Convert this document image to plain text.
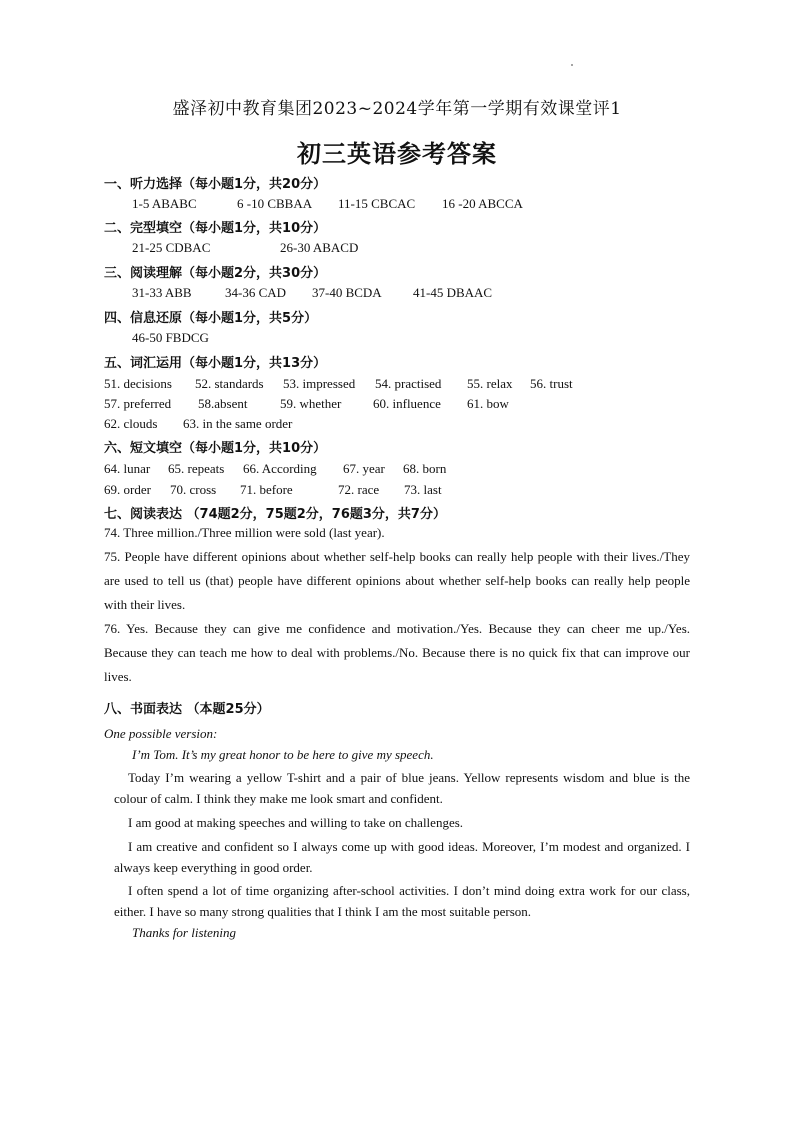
盛泽初中教育集团2023~2024学年第一学期有效课堂评1
初三英语参考答案
一、听力选择（每小题1分，共20分）
1-5 ABABC	6 -10 CBBAA 11-15 CBCAC 16 -20 ABCCA
二、完型填空（每小题1分，共10分）
21-25 CDBAC	26-30 ABACD
三、阅读理解（每小题2分，共30分）
31-33 ABB	34-36 CAD 37-40 BCDA 41-45 DBAAC
四、信息还原（每小题1分，共5分）
46-50 FBDCG
五、词汇运用（每小题1分，共13分）
51. decisions 52. standards 53. impressed 54. practised 55. relax 56. trust
57. preferred 58.absent	59. whether 60. influence 61. bow
62. clouds 63. in the same order
六、短文填空（每小题1分，共10分）
64. lunar 65. repeats 66. According 67. year 68. born
69. order 70. cross 71. before	72. race 73. last
七、阅读表达 （74题2分，75题2分，76题3分，共7分）
74. Three million./Three million were sold (last year).
75. People have different opinions about whether self-help books can really help people with their lives./They are used to tell us (that) people have different opinions about whether self-help books can really help people with their lives.
76. Yes. Because they can give me confidence and motivation./Yes. Because they can cheer me up./Yes. Because they can teach me how to deal with problems./No. Because there is no quick fix that can improve our lives.
八、书面表达 （本题25分）
One possible version:
I’m Tom. It’s my great honor to be here to give my speech.
Today I’m wearing a yellow T-shirt and a pair of blue jeans. Yellow represents wisdom and blue is the colour of calm. I think they make me look smart and confident.
I am good at making speeches and willing to take on challenges.
I am creative and confident so I always come up with good ideas. Moreover, I’m modest and organized. I always keep everything in good order.
I often spend a lot of time organizing after-school activities. I don’t mind doing extra work for our class, either. I have so many strong qualities that I think I am the most suitable person.
Thanks for listening
